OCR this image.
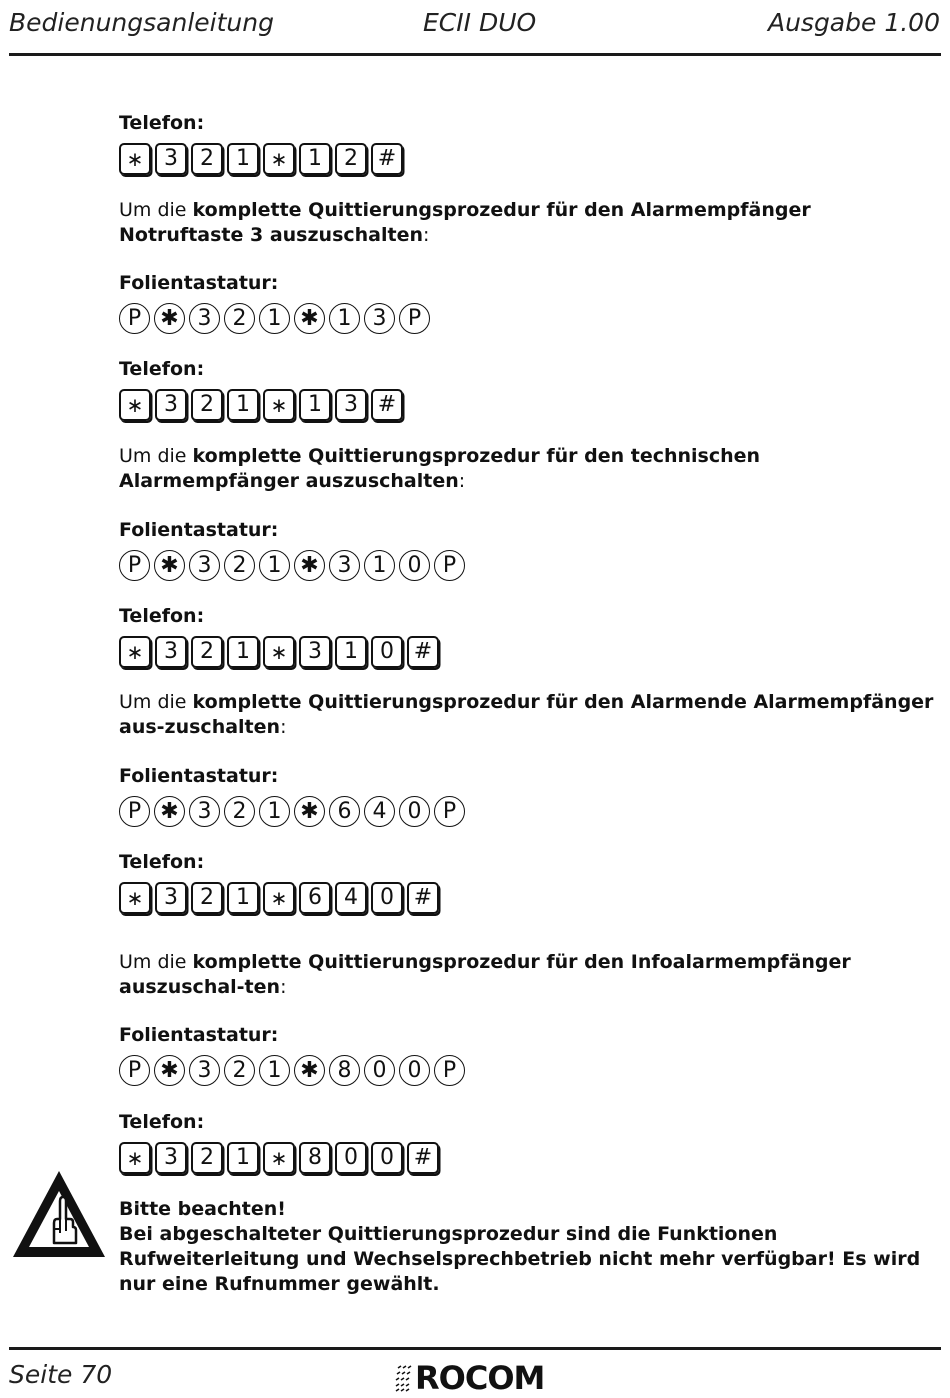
Bedienungsanleitung	ECII DUO	Ausgabe 1.00
Telefon:
∗ 3 2 1 ∗ 1 2 #
Um die komplette Quittierungsprozedur für den Alarmempfänger Notruftaste 3 auszuschalten:
Folientastatur:
P ✱ 3 2 1 ✱ 1 3 P
Telefon:
∗ 3 2 1 ∗ 1 3 #
Um die komplette Quittierungsprozedur für den technischen Alarmempfänger auszuschalten:
Folientastatur:
P ✱ 3 2 1 ✱ 3 1 0 P
Telefon:
∗ 3 2 1 ∗ 3 1 0 #
Um die komplette Quittierungsprozedur für den Alarmende Alarmempfänger aus-zuschalten:
Folientastatur:
P ✱ 3 2 1 ✱ 6 4 0 P
Telefon:
∗ 3 2 1 ∗ 6 4 0 #
Um die komplette Quittierungsprozedur für den Infoalarmempfänger auszuschal-ten:
Folientastatur:
P ✱ 3 2 1 ✱ 8 0 0 P
Telefon:
∗ 3 2 1 ∗ 8 0 0 #
Bitte beachten!
Bei abgeschalteter Quittierungsprozedur sind die Funktionen Rufweiterleitung und Wechselsprechbetrieb nicht mehr verfügbar! Es wird nur eine Rufnummer gewählt.
Seite 70	ROCOM
